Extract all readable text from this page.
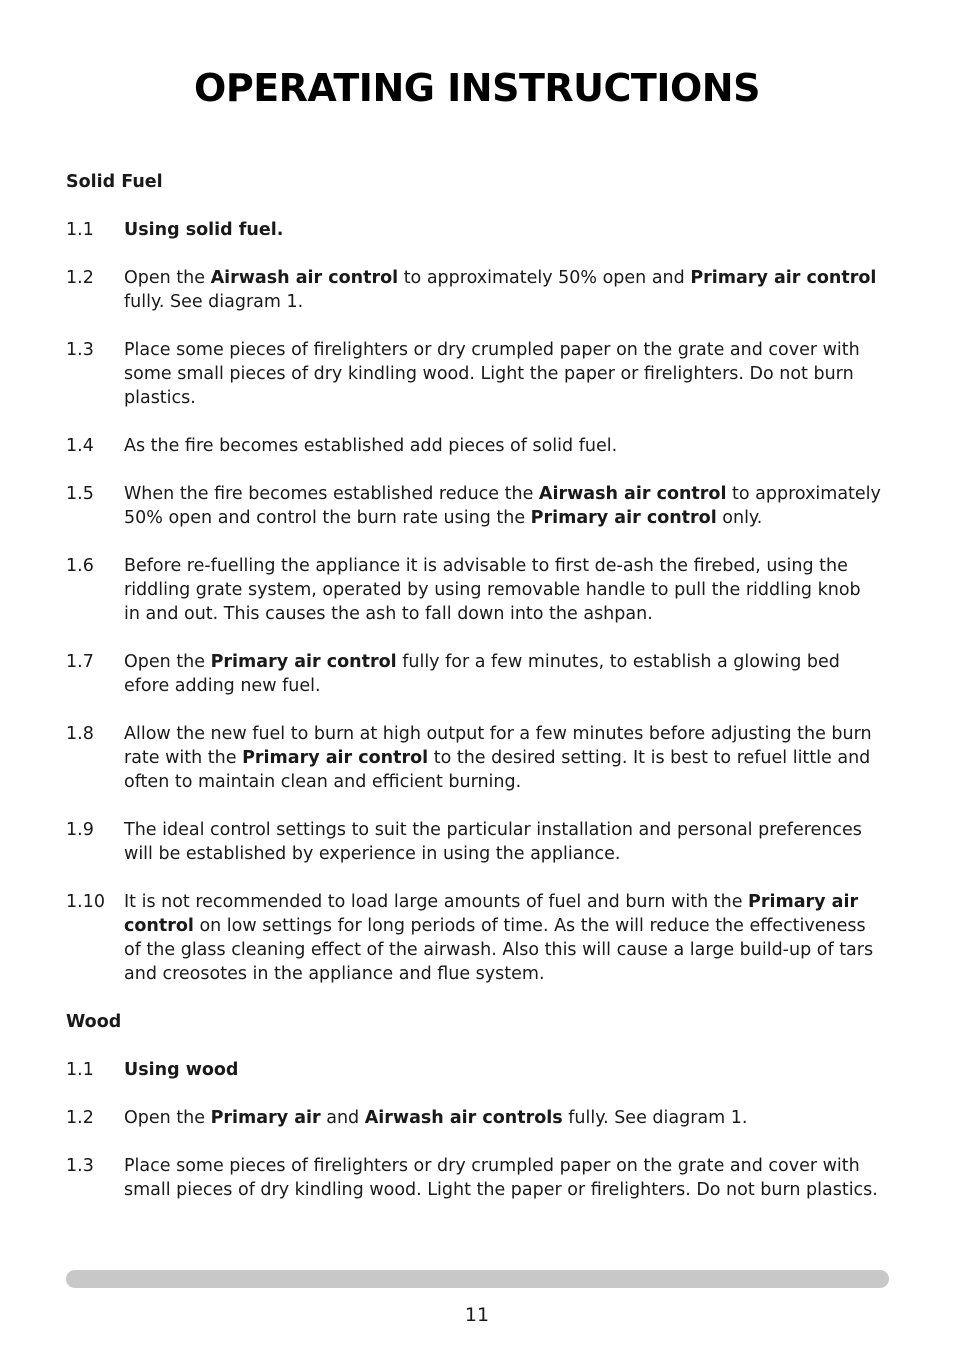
OPERATING INSTRUCTIONS
Solid Fuel
1.1	Using solid fuel.
1.2	Open the Airwash air control to approximately 50% open and Primary air control fully. See diagram 1.
1.3	Place some pieces of firelighters or dry crumpled paper on the grate and cover with some small pieces of dry kindling wood. Light the paper or firelighters. Do not burn plastics.
1.4	As the fire becomes established add pieces of solid fuel.
1.5	When the fire becomes established reduce the Airwash air control to approximately 50% open and control the burn rate using the Primary air control only.
1.6	Before re-fuelling the appliance it is advisable to first de-ash the firebed, using the riddling grate system, operated by using removable handle to pull the riddling knob in and out. This causes the ash to fall down into the ashpan.
1.7	Open the Primary air control fully for a few minutes, to establish a glowing bed efore adding new fuel.
1.8	Allow the new fuel to burn at high output for a few minutes before adjusting the burn rate with the Primary air control to the desired setting. It is best to refuel little and often to maintain clean and efficient burning.
1.9	The ideal control settings to suit the particular installation and personal preferences will be established by experience in using the appliance.
1.10	It is not recommended to load large amounts of fuel and burn with the Primary air control on low settings for long periods of time. As the will reduce the effectiveness of the glass cleaning effect of the airwash. Also this will cause a large build-up of tars and creosotes in the appliance and flue system.
Wood
1.1	Using wood
1.2	Open the Primary air and Airwash air controls fully. See diagram 1.
1.3	Place some pieces of firelighters or dry crumpled paper on the grate and cover with small pieces of dry kindling wood. Light the paper or firelighters. Do not burn plastics.
11
